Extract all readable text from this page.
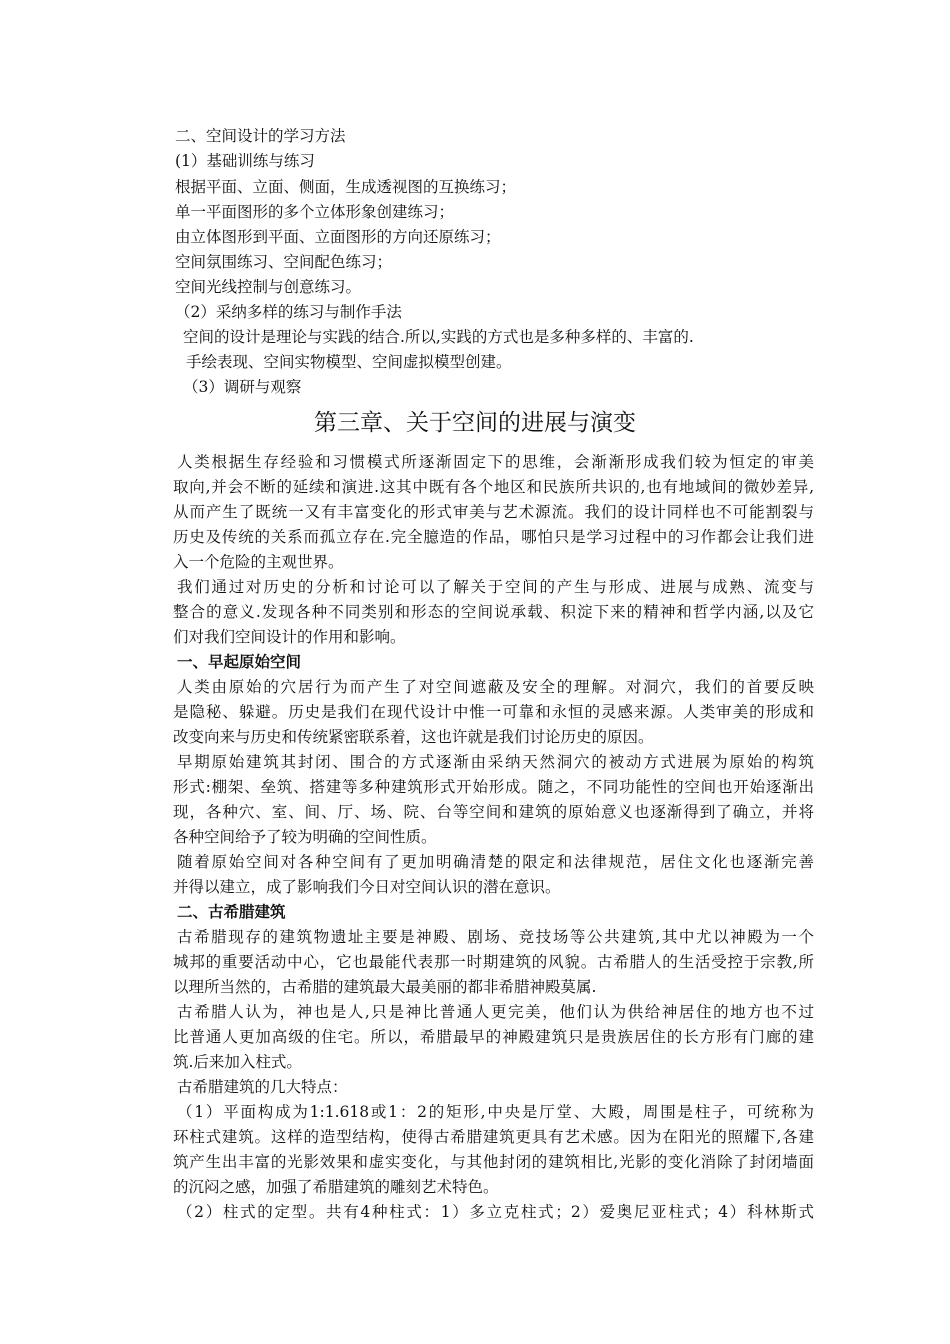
二、空间设计的学习方法
(1）基础训练与练习
根据平面、立面、侧面，生成透视图的互换练习；
单一平面图形的多个立体形象创建练习；
由立体图形到平面、立面图形的方向还原练习；
空间氛围练习、空间配色练习；
空间光线控制与创意练习。
（2）采纳多样的练习与制作手法
空间的设计是理论与实践的结合.所以,实践的方式也是多种多样的、丰富的.
手绘表现、空间实物模型、空间虚拟模型创建。
（3）调研与观察
第三章、关于空间的进展与演变
人类根据生存经验和习惯模式所逐渐固定下的思维，会渐渐形成我们较为恒定的审美
取向,并会不断的延续和演进.这其中既有各个地区和民族所共识的,也有地域间的微妙差异,
从而产生了既统一又有丰富变化的形式审美与艺术源流。我们的设计同样也不可能割裂与
历史及传统的关系而孤立存在.完全臆造的作品，哪怕只是学习过程中的习作都会让我们进
入一个危险的主观世界。
我们通过对历史的分析和讨论可以了解关于空间的产生与形成、进展与成熟、流变与
整合的意义.发现各种不同类别和形态的空间说承载、积淀下来的精神和哲学内涵,以及它
们对我们空间设计的作用和影响。
一、早起原始空间
人类由原始的穴居行为而产生了对空间遮蔽及安全的理解。对洞穴，我们的首要反映
是隐秘、躲避。历史是我们在现代设计中惟一可靠和永恒的灵感来源。人类审美的形成和
改变向来与历史和传统紧密联系着，这也许就是我们讨论历史的原因。
早期原始建筑其封闭、围合的方式逐渐由采纳天然洞穴的被动方式进展为原始的构筑
形式:棚架、垒筑、搭建等多种建筑形式开始形成。随之，不同功能性的空间也开始逐渐出
现，各种穴、室、间、厅、场、院、台等空间和建筑的原始意义也逐渐得到了确立，并将
各种空间给予了较为明确的空间性质。
随着原始空间对各种空间有了更加明确清楚的限定和法律规范，居住文化也逐渐完善
并得以建立，成了影响我们今日对空间认识的潜在意识。
二、古希腊建筑
古希腊现存的建筑物遗址主要是神殿、剧场、竞技场等公共建筑,其中尤以神殿为一个
城邦的重要活动中心，它也最能代表那一时期建筑的风貌。古希腊人的生活受控于宗教,所
以理所当然的，古希腊的建筑最大最美丽的都非希腊神殿莫属.
古希腊人认为，神也是人,只是神比普通人更完美，他们认为供给神居住的地方也不过
比普通人更加高级的住宅。所以，希腊最早的神殿建筑只是贵族居住的长方形有门廊的建
筑.后来加入柱式。
古希腊建筑的几大特点：
（1）平面构成为1:1.618或1：2的矩形,中央是厅堂、大殿，周围是柱子，可统称为
环柱式建筑。这样的造型结构，使得古希腊建筑更具有艺术感。因为在阳光的照耀下,各建
筑产生出丰富的光影效果和虚实变化，与其他封闭的建筑相比,光影的变化消除了封闭墙面
的沉闷之感，加强了希腊建筑的雕刻艺术特色。
（2）柱式的定型。共有4种柱式：1）多立克柱式；2）爱奥尼亚柱式；4）科林斯式
